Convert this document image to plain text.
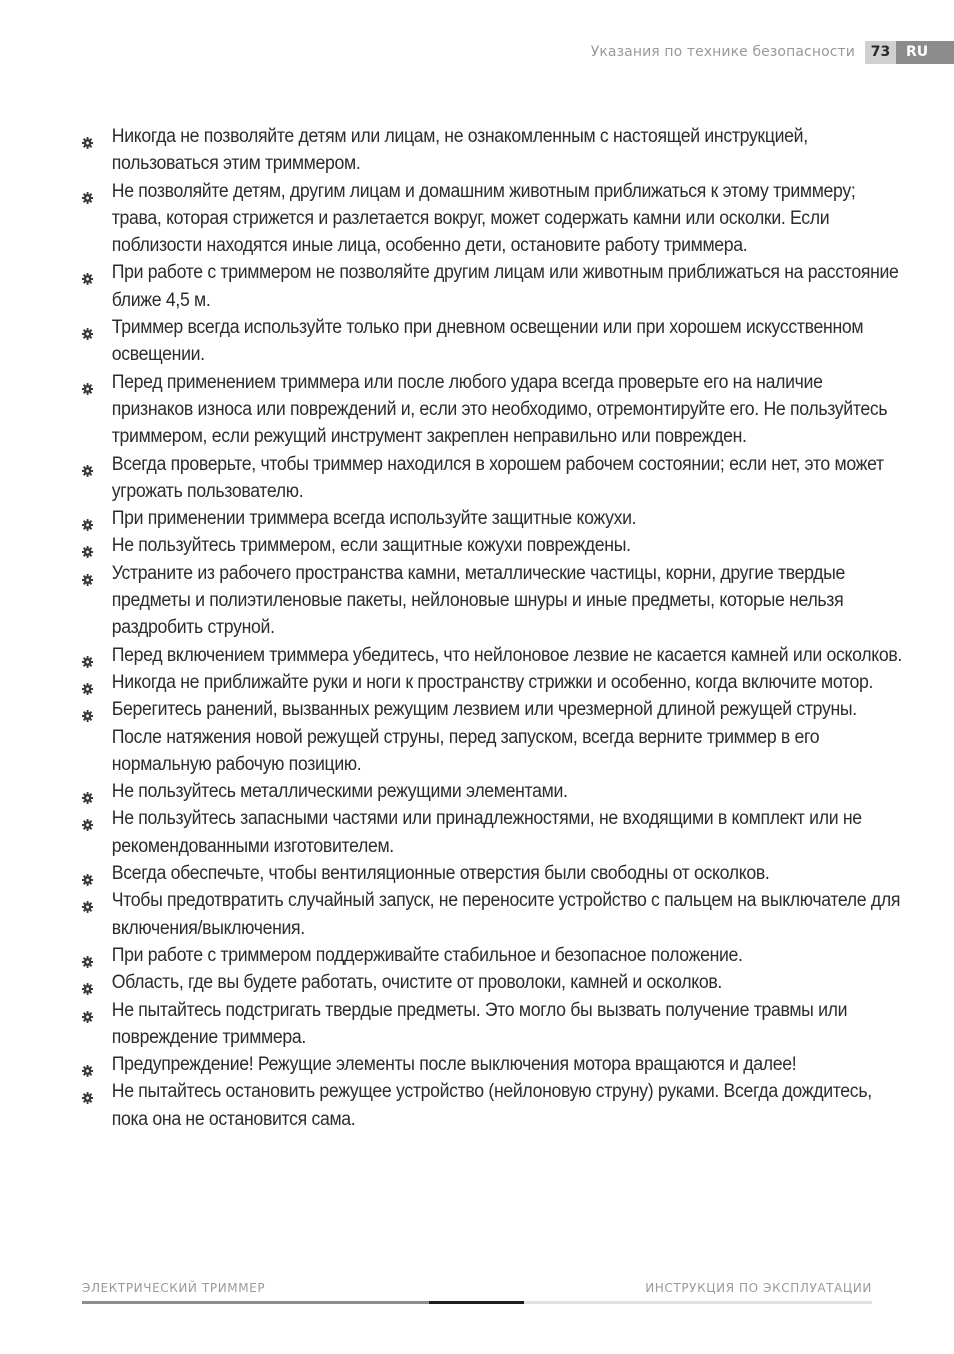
Указания по технике безопасности	73	RU
Никогда не позволяйте детям или лицам, не ознакомленным с настоящей инструкцией, пользоваться этим триммером.
Не позволяйте детям, другим лицам и домашним животным приближаться к этому триммеру; трава, которая стрижется и разлетается вокруг, может содержать камни или осколки. Если поблизости находятся иные лица, особенно дети, остановите работу триммера.
При работе с триммером не позволяйте другим лицам или животным приближаться на расстояние ближе 4,5 м.
Триммер всегда используйте только при дневном освещении или при хорошем искусственном освещении.
Перед применением триммера или после любого удара всегда проверьте его на наличие признаков износа или повреждений и, если это необходимо, отремонтируйте его. Не пользуйтесь триммером, если режущий инструмент закреплен неправильно или поврежден.
Всегда проверьте, чтобы триммер находился в хорошем рабочем состоянии; если нет, это может угрожать пользователю.
При применении триммера всегда используйте защитные кожухи.
Не пользуйтесь триммером, если защитные кожухи повреждены.
Устраните из рабочего пространства камни, металлические частицы, корни, другие твердые предметы и полиэтиленовые пакеты, нейлоновые шнуры и иные предметы, которые нельзя раздробить струной.
Перед включением триммера убедитесь, что нейлоновое лезвие не касается камней или осколков.
Никогда не приближайте руки и ноги к пространству стрижки и особенно, когда включите мотор.
Берегитесь ранений, вызванных режущим лезвием или чрезмерной длиной режущей струны. После натяжения новой режущей струны, перед запуском, всегда верните триммер в его нормальную рабочую позицию.
Не пользуйтесь металлическими режущими элементами.
Не пользуйтесь запасными частями или принадлежностями, не входящими в комплект или не рекомендованными изготовителем.
Всегда обеспечьте, чтобы вентиляционные отверстия были свободны от осколков.
Чтобы предотвратить случайный запуск, не переносите устройство с пальцем на выключателе для включения/выключения.
При работе с триммером поддерживайте стабильное и безопасное положение.
Область, где вы будете работать, очистите от проволоки, камней и осколков.
Не пытайтесь подстригать твердые предметы. Это могло бы вызвать получение травмы или повреждение триммера.
Предупреждение! Режущие элементы после выключения мотора вращаются и далее!
Не пытайтесь остановить режущее устройство (нейлоновую струну) руками. Всегда дождитесь, пока она не остановится сама.
ЭЛЕКТРИЧЕСКИЙ ТРИММЕР	ИНСТРУКЦИЯ ПО ЭКСПЛУАТАЦИИ
